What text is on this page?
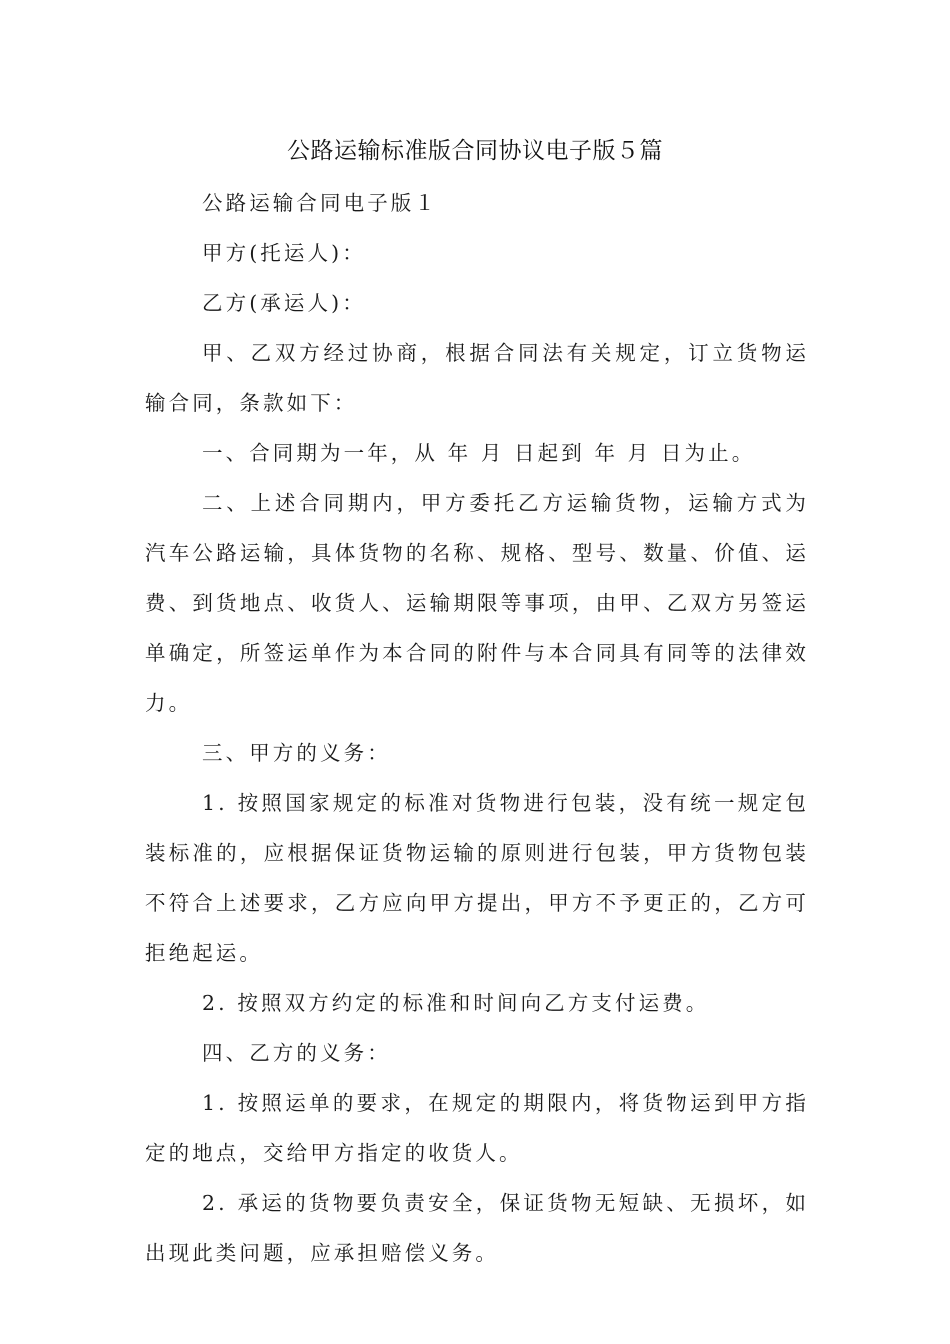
公路运输标准版合同协议电子版５篇

公路运输合同电子版１

甲方(托运人)：

乙方(承运人)：

甲、乙双方经过协商，根据合同法有关规定，订立货物运输合同，条款如下：

一、合同期为一年，从 年 月 日起到 年 月 日为止。

二、上述合同期内，甲方委托乙方运输货物，运输方式为汽车公路运输，具体货物的名称、规格、型号、数量、价值、运费、到货地点、收货人、运输期限等事项，由甲、乙双方另签运单确定，所签运单作为本合同的附件与本合同具有同等的法律效力。

三、甲方的义务：

1. 按照国家规定的标准对货物进行包装，没有统一规定包装标准的，应根据保证货物运输的原则进行包装，甲方货物包装不符合上述要求，乙方应向甲方提出，甲方不予更正的，乙方可拒绝起运。

2. 按照双方约定的标准和时间向乙方支付运费。

四、乙方的义务：

1. 按照运单的要求，在规定的期限内，将货物运到甲方指定的地点，交给甲方指定的收货人。

2. 承运的货物要负责安全，保证货物无短缺、无损坏，如出现此类问题，应承担赔偿义务。
